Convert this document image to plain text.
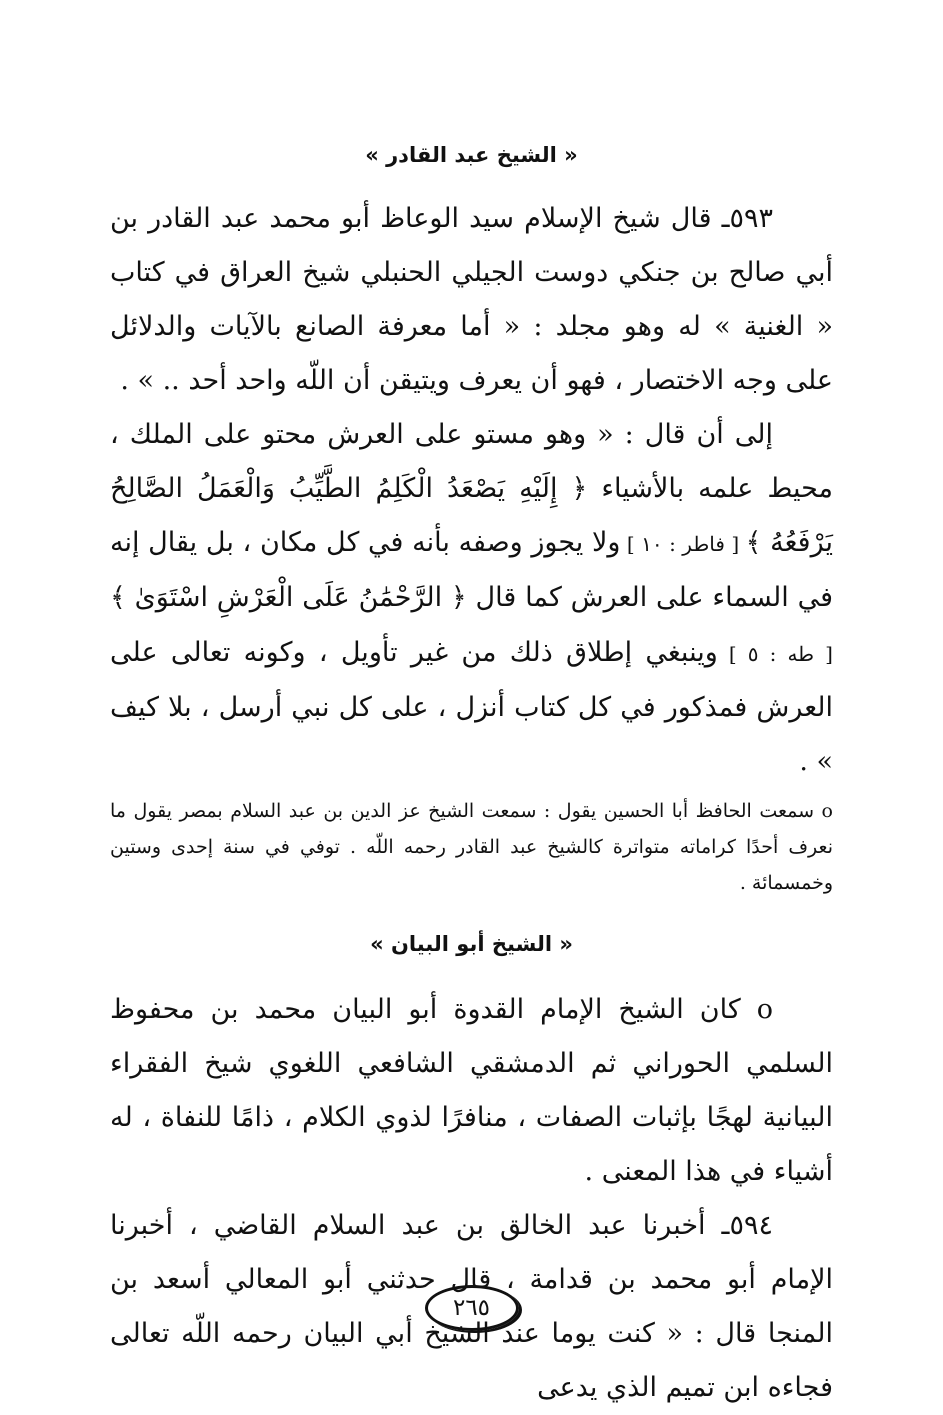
« الشيخ عبد القادر »

٥٩٣ـ قال شيخ الإسلام سيد الوعاظ أبو محمد عبد القادر بن أبي صالح بن جنكي دوست الجيلي الحنبلي شيخ العراق في كتاب « الغنية » له وهو مجلد : « أما معرفة الصانع بالآيات والدلائل على وجه الاختصار ، فهو أن يعرف ويتيقن أن اللّه واحد أحد .. » .

إلى أن قال : « وهو مستو على العرش محتو على الملك ، محيط علمه بالأشياء ﴿ إِلَيْهِ يَصْعَدُ الْكَلِمُ الطَّيِّبُ وَالْعَمَلُ الصَّالِحُ يَرْفَعُهُ ﴾ [ فاطر : ١٠ ] ولا يجوز وصفه بأنه في كل مكان ، بل يقال إنه في السماء على العرش كما قال ﴿ الرَّحْمَٰنُ عَلَى الْعَرْشِ اسْتَوَىٰ ﴾ [ طه : ٥ ] وينبغي إطلاق ذلك من غير تأويل ، وكونه تعالى على العرش فمذكور في كل كتاب أنزل ، على كل نبي أرسل ، بلا كيف » .

o سمعت الحافظ أبا الحسين يقول : سمعت الشيخ عز الدين بن عبد السلام بمصر يقول ما نعرف أحدًا كراماته متواترة كالشيخ عبد القادر رحمه اللّه . توفي في سنة إحدى وستين وخمسمائة .

« الشيخ أبو البيان »

o كان الشيخ الإمام القدوة أبو البيان محمد بن محفوظ السلمي الحوراني ثم الدمشقي الشافعي اللغوي شيخ الفقراء البيانية لهجًا بإثبات الصفات ، منافرًا لذوي الكلام ، ذامًا للنفاة ، له أشياء في هذا المعنى .

٥٩٤ـ أخبرنا عبد الخالق بن عبد السلام القاضي ، أخبرنا الإمام أبو محمد بن قدامة ، قال حدثني أبو المعالي أسعد بن المنجا قال : « كنت يوما عند الشيخ أبي البيان رحمه اللّه تعالى فجاءه ابن تميم الذي يدعى

٢٦٥
